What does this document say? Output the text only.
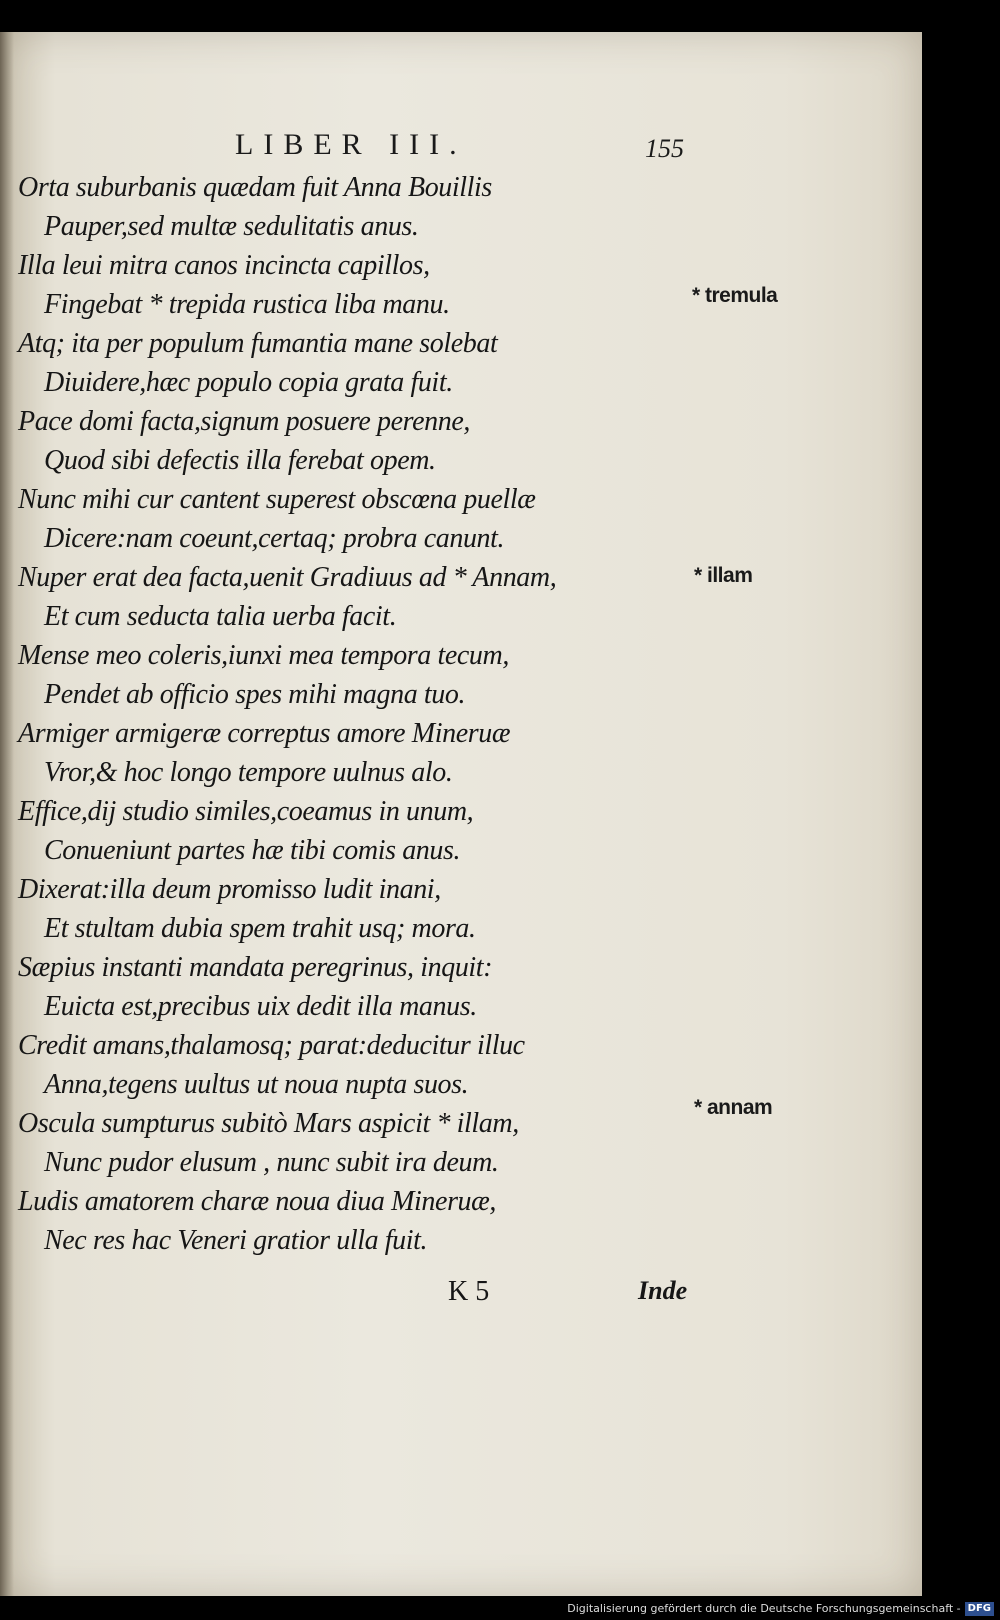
LIBER III.	155
Orta suburbanis quædam fuit Anna Bouillis
Pauper,sed multæ sedulitatis anus.
Illa leui mitra canos incincta capillos,
Fingebat * trepida rustica liba manu.
Atq; ita per populum fumantia mane solebat
Diuidere,hæc populo copia grata fuit.
Pace domi facta,signum posuere perenne,
Quod sibi defectis illa ferebat opem.
Nunc mihi cur cantent superest obscœna puellæ
Dicere:nam coeunt,certaq; probra canunt.
Nuper erat dea facta,uenit Gradiuus ad * Annam,
Et cum seducta talia uerba facit.
Mense meo coleris,iunxi mea tempora tecum,
Pendet ab officio spes mihi magna tuo.
Armiger armigeræ correptus amore Mineruæ
Vror,& hoc longo tempore uulnus alo.
Effice,dij studio similes,coeamus in unum,
Conueniunt partes hæ tibi comis anus.
Dixerat:illa deum promisso ludit inani,
Et stultam dubia spem trahit usq; mora.
Sæpius instanti mandata peregrinus, inquit:
Euicta est,precibus uix dedit illa manus.
Credit amans,thalamosq; parat:deducitur illuc
Anna,tegens uultus ut noua nupta suos.
Oscula sumpturus subitò Mars aspicit * illam,
Nunc pudor elusum , nunc subit ira deum.
Ludis amatorem charæ noua diua Mineruæ,
Nec res hac Veneri gratior ulla fuit.
* tremula
* illam
* annam
K 5	Inde
Digitalisierung gefördert durch die Deutsche Forschungsgemeinschaft - DFG
